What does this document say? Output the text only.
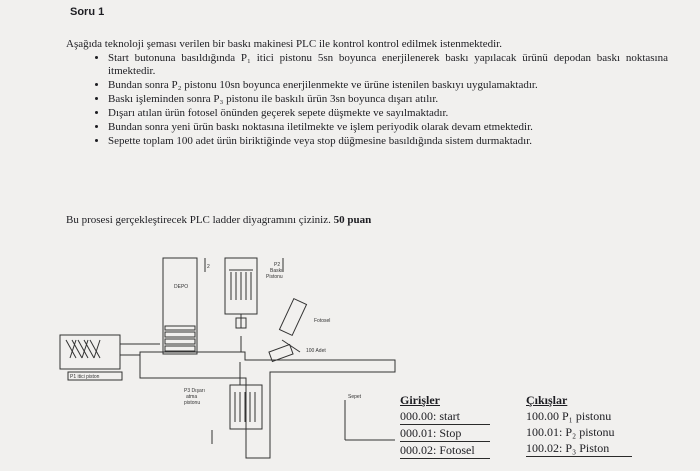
Soru 1
Aşağıda teknoloji şeması verilen bir baskı makinesi PLC ile kontrol kontrol edilmek istenmektedir.
• Start butonuna basıldığında P₁ itici pistonu 5sn boyunca enerjilenerek baskı yapılacak ürünü depodan baskı noktasına itmektedir.
• Bundan sonra P₂ pistonu 10sn boyunca enerjilenmekte ve ürüne istenilen baskıyı uygulamaktadır.
• Baskı işleminden sonra P₃ pistonu ile baskılı ürün 3sn boyunca dışarı atılır.
• Dışarı atılan ürün fotosel önünden geçerek sepete düşmekte ve sayılmaktadır.
• Bundan sonra yeni ürün baskı noktasına iletilmekte ve işlem periyodik olarak devam etmektedir.
• Sepette toplam 100 adet ürün biriktiğinde veya stop düğmesine basıldığında sistem durmaktadır.
Bu prosesi gerçekleştirecek PLC ladder diyagramını çiziniz. 50 puan
DEPO
P2
Baskı
Pistonu
Fotosel
100 Adet
P1 itici piston
P3 Dışarı
atma
pistonu
Sepet
2
Girişler
000.00: start
000.01: Stop
000.02: Fotosel
Çıkışlar
100.00 P₁ pistonu
100.01: P₂ pistonu
100.02: P₃ Piston
